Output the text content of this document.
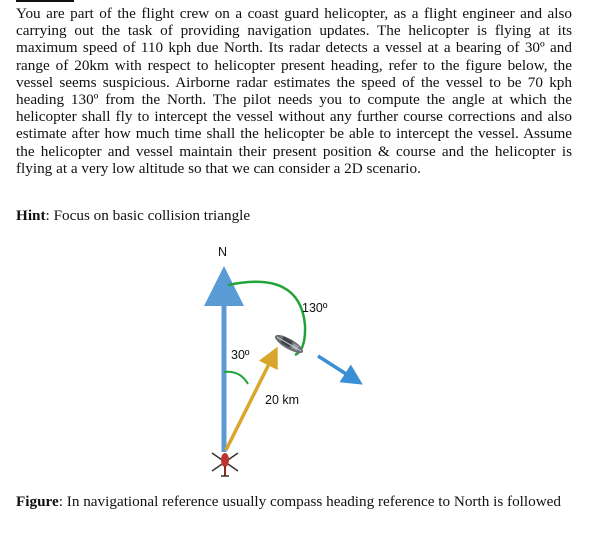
You are part of the flight crew on a coast guard helicopter, as a flight engineer and also carrying out the task of providing navigation updates. The helicopter is flying at its maximum speed of 110 kph due North. Its radar detects a vessel at a bearing of 30º and range of 20km with respect to helicopter present heading, refer to the figure below, the vessel seems suspicious. Airborne radar estimates the speed of the vessel to be 70 kph heading 130º from the North. The pilot needs you to compute the angle at which the helicopter shall fly to intercept the vessel without any further course corrections and also estimate after how much time shall the helicopter be able to intercept the vessel. Assume the helicopter and vessel maintain their present position & course and the helicopter is flying at a very low altitude so that we can consider a 2D scenario.

Hint: Focus on basic collision triangle

N
30º
130º
20 km

Figure: In navigational reference usually compass heading reference to North is followed
